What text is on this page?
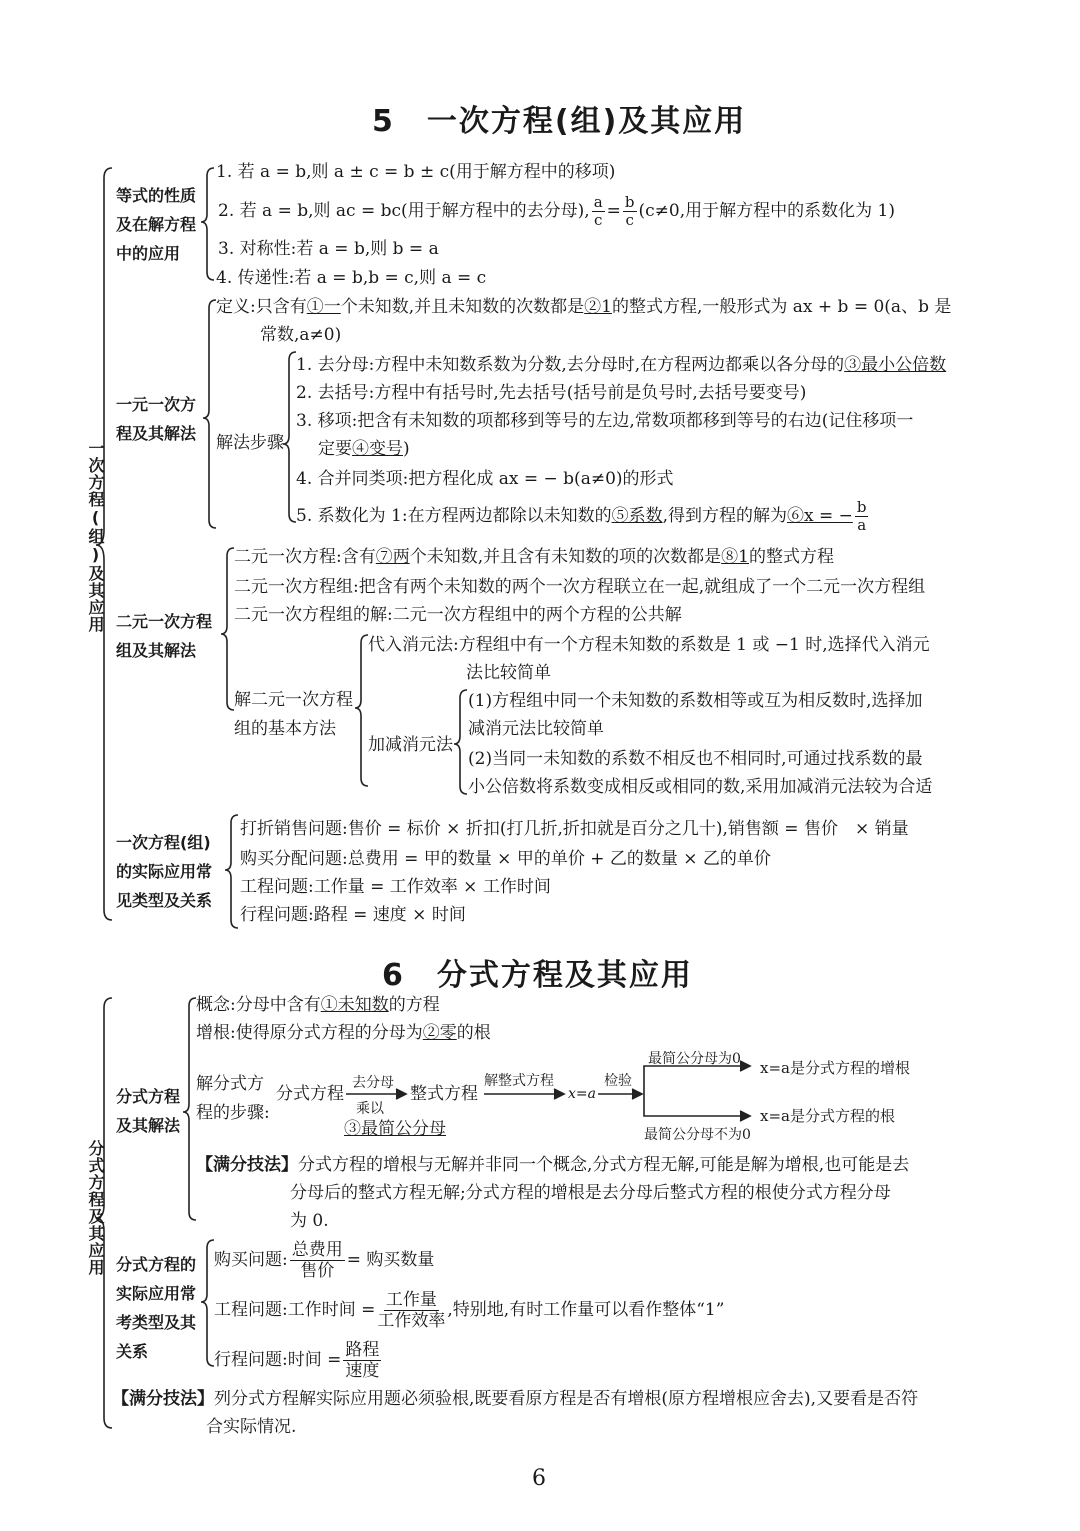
5　一次方程(组)及其应用
一次方程(组)及其应用
等式的性质及在解方程中的应用
1. 若 a = b,则 a ± c = b ± c(用于解方程中的移项)
2. 若 a = b,则 ac = bc(用于解方程中的去分母), $\frac{a}{c} = \frac{b}{c} (c\ne 0$,用于解方程中的系数化为 1)
3. 对称性:若 a = b,则 b = a
4. 传递性:若 a = b,b = c,则 a = c
一元一次方程及其解法
定义:只含有①一个未知数,并且未知数的次数都是②1的整式方程,一般形式为 ax + b = 0(a、b 是
常数,a≠0)
解法步骤
1. 去分母:方程中未知数系数为分数,去分母时,在方程两边都乘以各分母的③最小公倍数
2. 去括号:方程中有括号时,先去括号(括号前是负号时,去括号要变号)
3. 移项:把含有未知数的项都移到等号的左边,常数项都移到等号的右边(记住移项一
定要④变号)
4. 合并同类项:把方程化成 ax = − b(a≠0)的形式
5. 系数化为 1:在方程两边都除以未知数的⑤系数,得到方程的解为⑥x = − $\frac{b}{a}$
二元一次方程组及其解法
二元一次方程:含有⑦两个未知数,并且含有未知数的项的次数都是⑧1的整式方程
二元一次方程组:把含有两个未知数的两个一次方程联立在一起,就组成了一个二元一次方程组
二元一次方程组的解:二元一次方程组中的两个方程的公共解
解二元一次方程组的基本方法
代入消元法:方程组中有一个方程未知数的系数是 1 或 −1 时,选择代入消元
法比较简单
加减消元法
(1)方程组中同一个未知数的系数相等或互为相反数时,选择加
减消元法比较简单
(2)当同一未知数的系数不相反也不相同时,可通过找系数的最
小公倍数将系数变成相反或相同的数,采用加减消元法较为合适
一次方程(组)的实际应用常见类型及关系
打折销售问题:售价 = 标价 × 折扣(打几折,折扣就是百分之几十),销售额 = 售价　× 销量
购买分配问题:总费用 = 甲的数量 × 甲的单价 + 乙的数量 × 乙的单价
工程问题:工作量 = 工作效率 × 工作时间
行程问题:路程 = 速度 × 时间
6　分式方程及其应用
分式方程及其应用
分式方程及其解法
概念:分母中含有①未知数的方程
增根:使得原分式方程的分母为②零的根
解分式方程的步骤:
分式方程
去分母
乘以
③最简公分母
整式方程
解整式方程
x=a
检验
最简公分母为0 x=a是分式方程的增根
最简公分母不为0
x=a是分式方程的根
【满分技法】分式方程的增根与无解并非同一个概念,分式方程无解,可能是解为增根,也可能是去
分母后的整式方程无解;分式方程的增根是去分母后整式方程的根使分式方程分母
为 0.
分式方程的实际应用常考类型及其关系
购买问题: $\frac{\text{总费用}}{\text{售价}}$ = 购买数量
工程问题:工作时间 = $\frac{\text{工作量}}{\text{工作效率}}$ ,特别地,有时工作量可以看作整体“1”
行程问题:时间 = $\frac{\text{路程}}{\text{速度}}$
【满分技法】列分式方程解实际应用题必须验根,既要看原方程是否有增根(原方程增根应舍去),又要看是否符
合实际情况.
6
